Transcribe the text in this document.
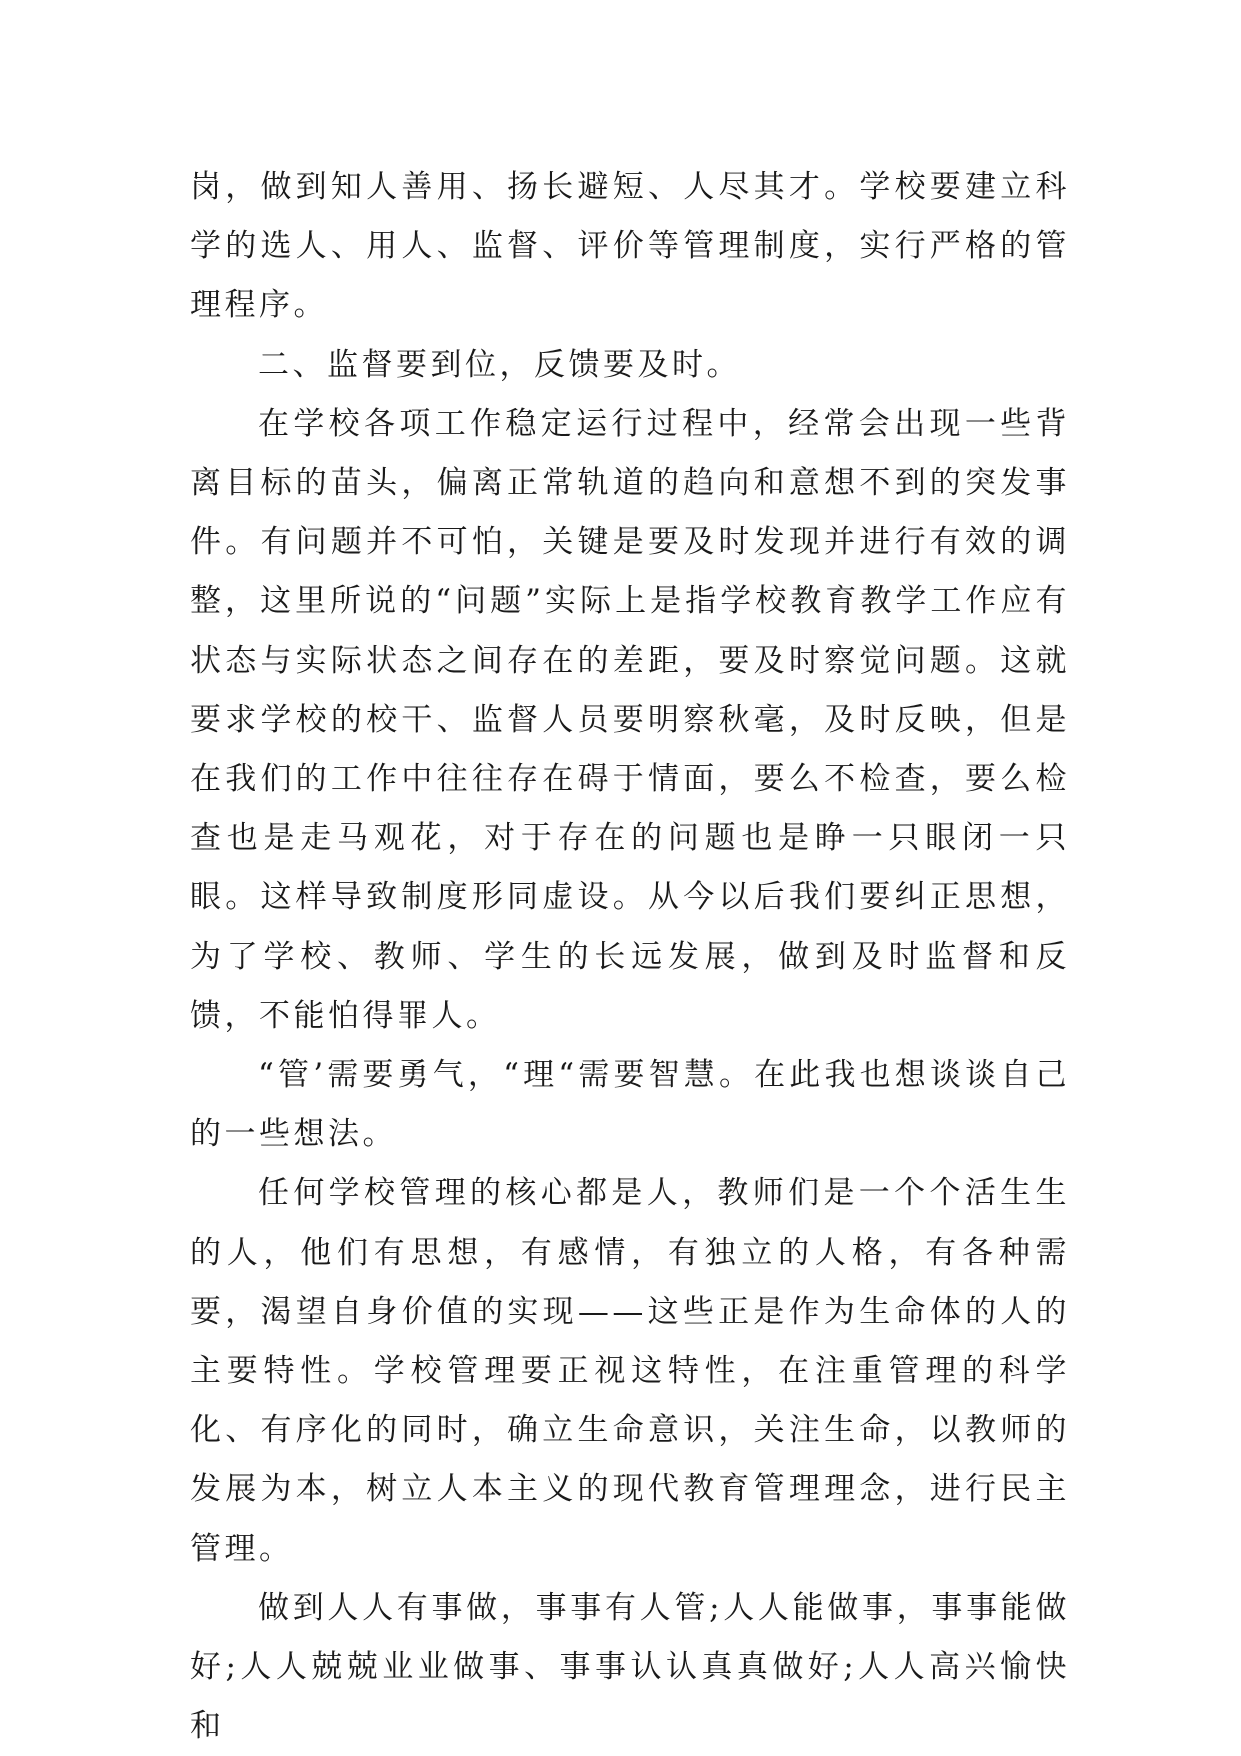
岗，做到知人善用、扬长避短、人尽其才。学校要建立科学的选人、用人、监督、评价等管理制度，实行严格的管理程序。

二、监督要到位，反馈要及时。

在学校各项工作稳定运行过程中，经常会出现一些背离目标的苗头，偏离正常轨道的趋向和意想不到的突发事件。有问题并不可怕，关键是要及时发现并进行有效的调整，这里所说的“问题”实际上是指学校教育教学工作应有状态与实际状态之间存在的差距，要及时察觉问题。这就要求学校的校干、监督人员要明察秋毫，及时反映，但是在我们的工作中往往存在碍于情面，要么不检查，要么检查也是走马观花，对于存在的问题也是睁一只眼闭一只眼。这样导致制度形同虚设。从今以后我们要纠正思想，为了学校、教师、学生的长远发展，做到及时监督和反馈，不能怕得罪人。

“管’需要勇气，“理“需要智慧。在此我也想谈谈自己的一些想法。

任何学校管理的核心都是人，教师们是一个个活生生的人，他们有思想，有感情，有独立的人格，有各种需要，渴望自身价值的实现——这些正是作为生命体的人的主要特性。学校管理要正视这特性，在注重管理的科学化、有序化的同时，确立生命意识，关注生命，以教师的发展为本，树立人本主义的现代教育管理理念，进行民主管理。

做到人人有事做，事事有人管;人人能做事，事事能做好;人人兢兢业业做事、事事认认真真做好;人人高兴愉快和
